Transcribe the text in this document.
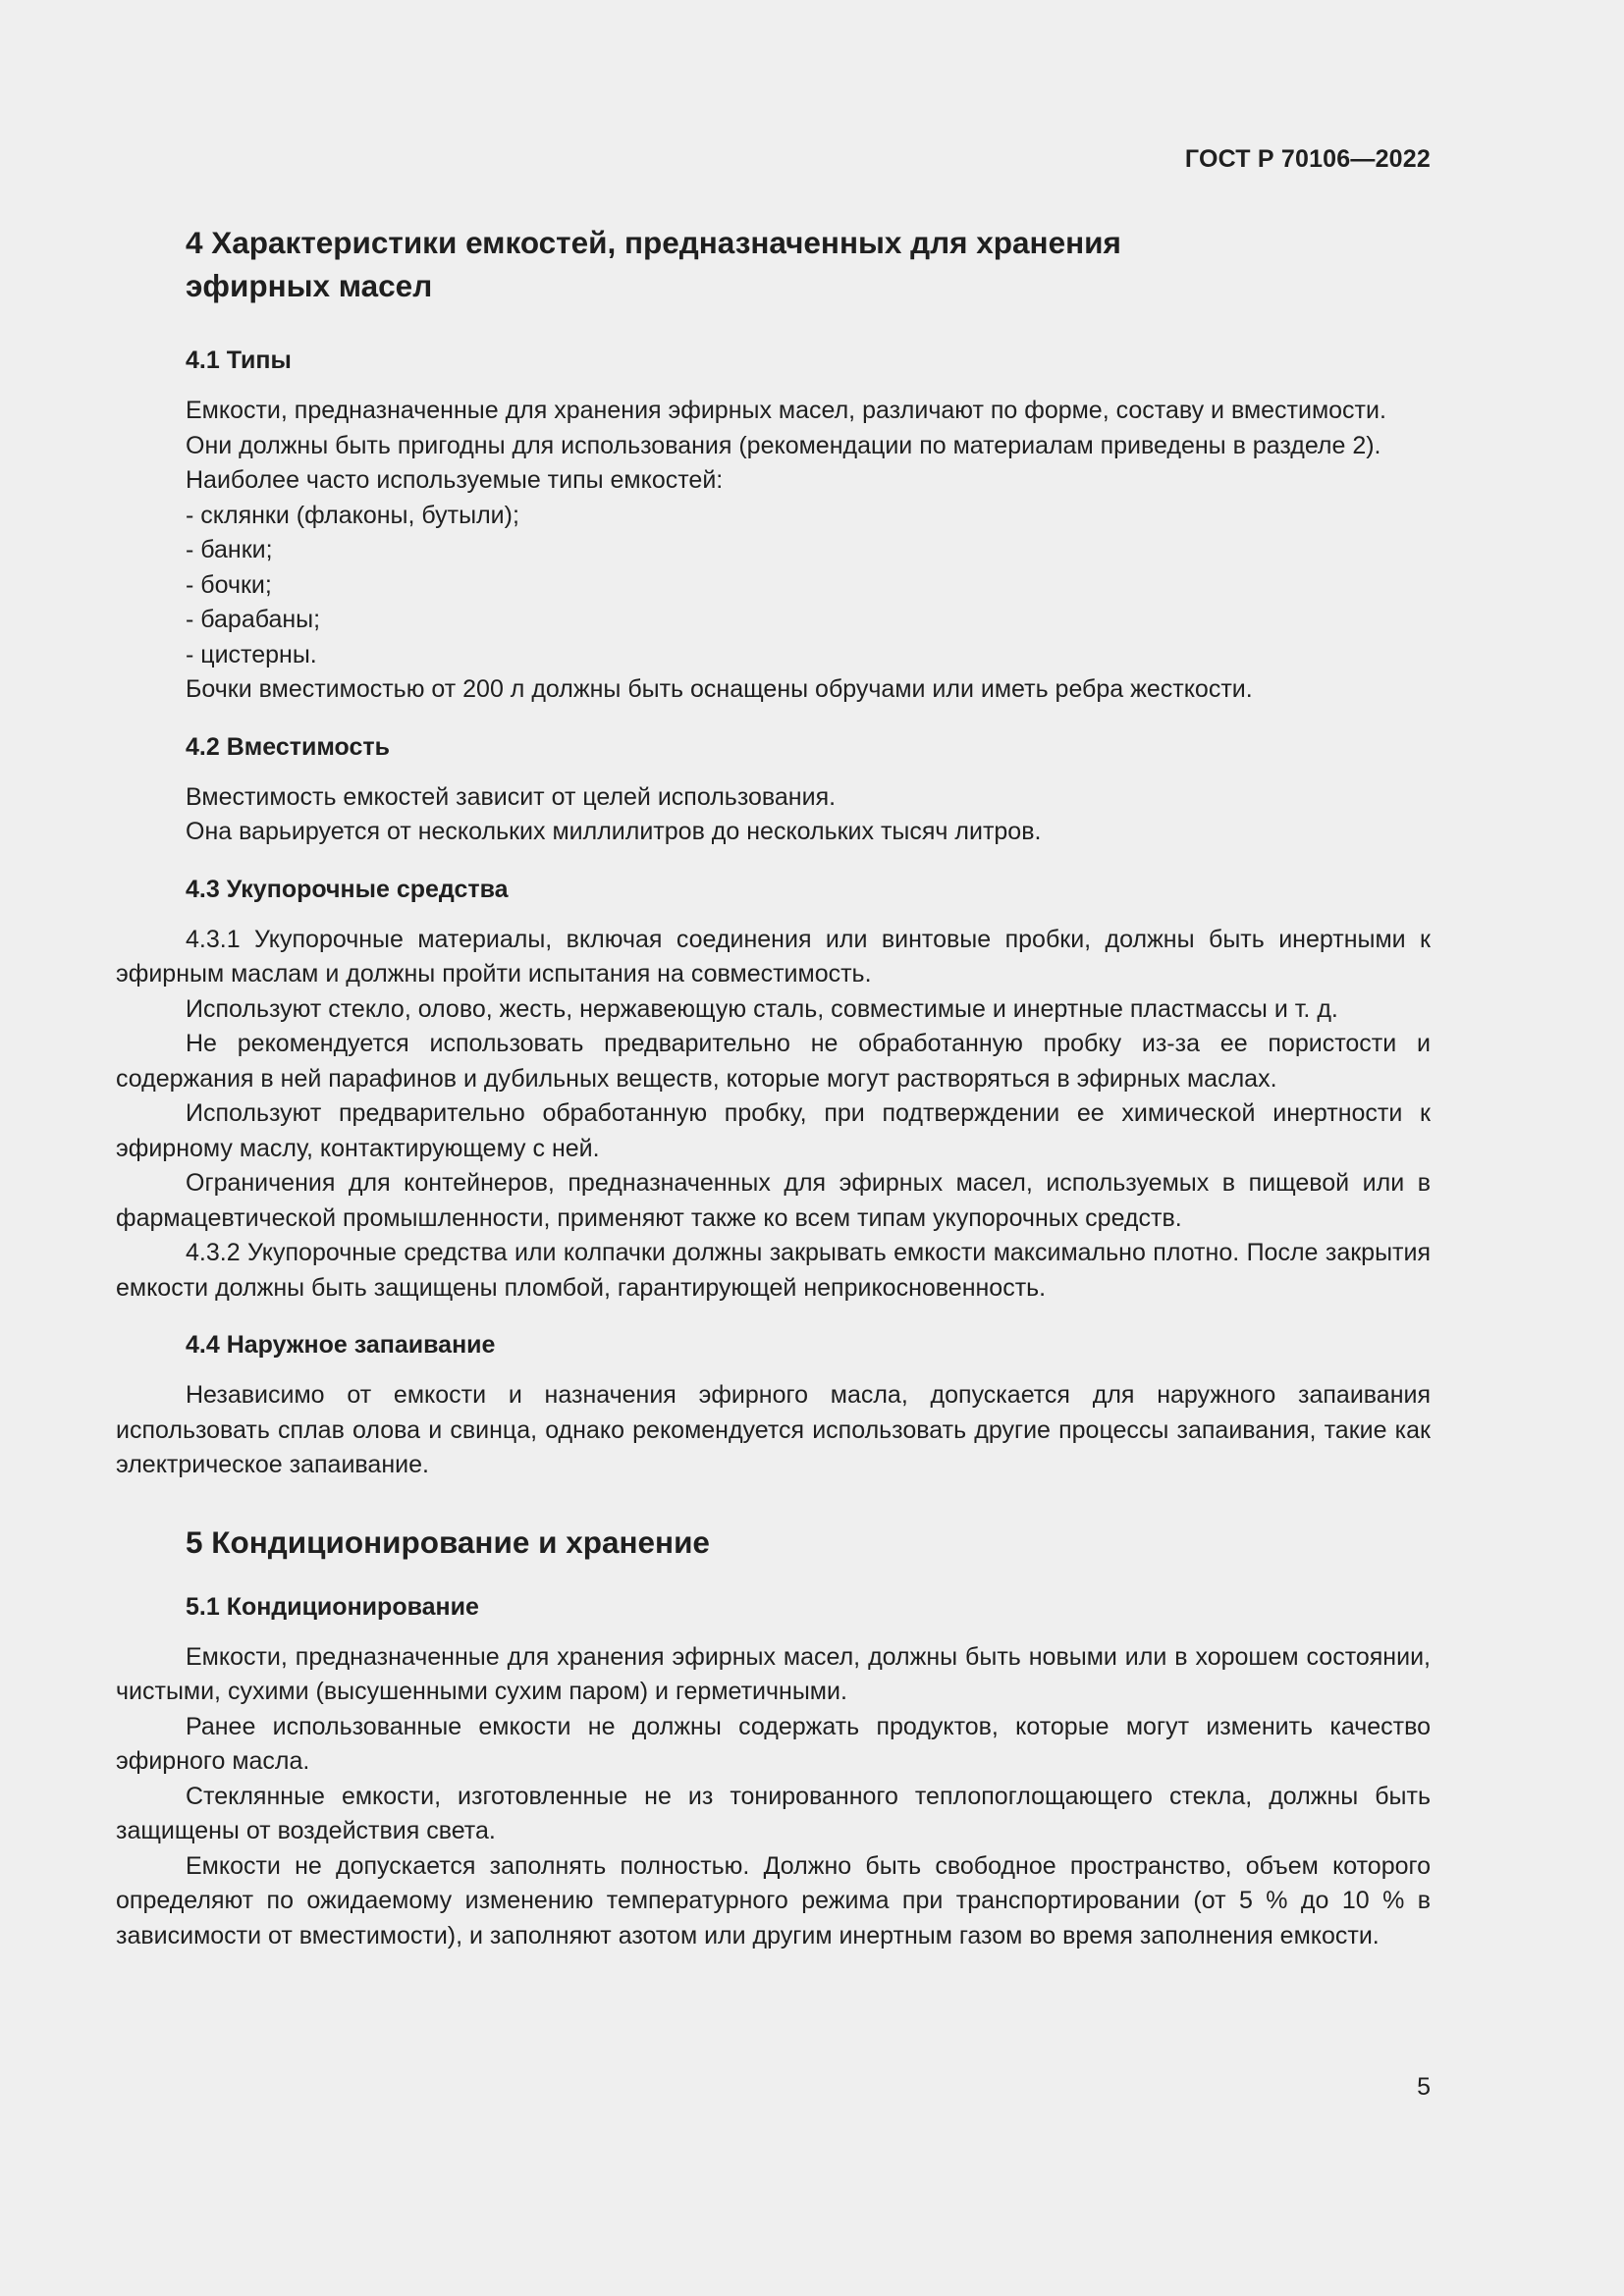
ГОСТ Р 70106—2022
4 Характеристики емкостей, предназначенных для хранения
эфирных масел
4.1 Типы

Емкости, предназначенные для хранения эфирных масел, различают по форме, составу и вместимости.

Они должны быть пригодны для использования (рекомендации по материалам приведены в разделе 2).

Наиболее часто используемые типы емкостей:

- склянки (флаконы, бутыли);
- банки;
- бочки;
- барабаны;
- цистерны.

Бочки вместимостью от 200 л должны быть оснащены обручами или иметь ребра жесткости.

4.2 Вместимость

Вместимость емкостей зависит от целей использования.

Она варьируется от нескольких миллилитров до нескольких тысяч литров.

4.3 Укупорочные средства

4.3.1 Укупорочные материалы, включая соединения или винтовые пробки, должны быть инертными к эфирным маслам и должны пройти испытания на совместимость.

Используют стекло, олово, жесть, нержавеющую сталь, совместимые и инертные пластмассы и т. д.

Не рекомендуется использовать предварительно не обработанную пробку из-за ее пористости и содержания в ней парафинов и дубильных веществ, которые могут растворяться в эфирных маслах.

Используют предварительно обработанную пробку, при подтверждении ее химической инертности к эфирному маслу, контактирующему с ней.

Ограничения для контейнеров, предназначенных для эфирных масел, используемых в пищевой или в фармацевтической промышленности, применяют также ко всем типам укупорочных средств.

4.3.2 Укупорочные средства или колпачки должны закрывать емкости максимально плотно. После закрытия емкости должны быть защищены пломбой, гарантирующей неприкосновенность.

4.4 Наружное запаивание

Независимо от емкости и назначения эфирного масла, допускается для наружного запаивания использовать сплав олова и свинца, однако рекомендуется использовать другие процессы запаивания, такие как электрическое запаивание.

5 Кондиционирование и хранение
5.1 Кондиционирование

Емкости, предназначенные для хранения эфирных масел, должны быть новыми или в хорошем состоянии, чистыми, сухими (высушенными сухим паром) и герметичными.

Ранее использованные емкости не должны содержать продуктов, которые могут изменить качество эфирного масла.

Стеклянные емкости, изготовленные не из тонированного теплопоглощающего стекла, должны быть защищены от воздействия света.

Емкости не допускается заполнять полностью. Должно быть свободное пространство, объем которого определяют по ожидаемому изменению температурного режима при транспортировании (от 5 % до 10 % в зависимости от вместимости), и заполняют азотом или другим инертным газом во время заполнения емкости.

5
